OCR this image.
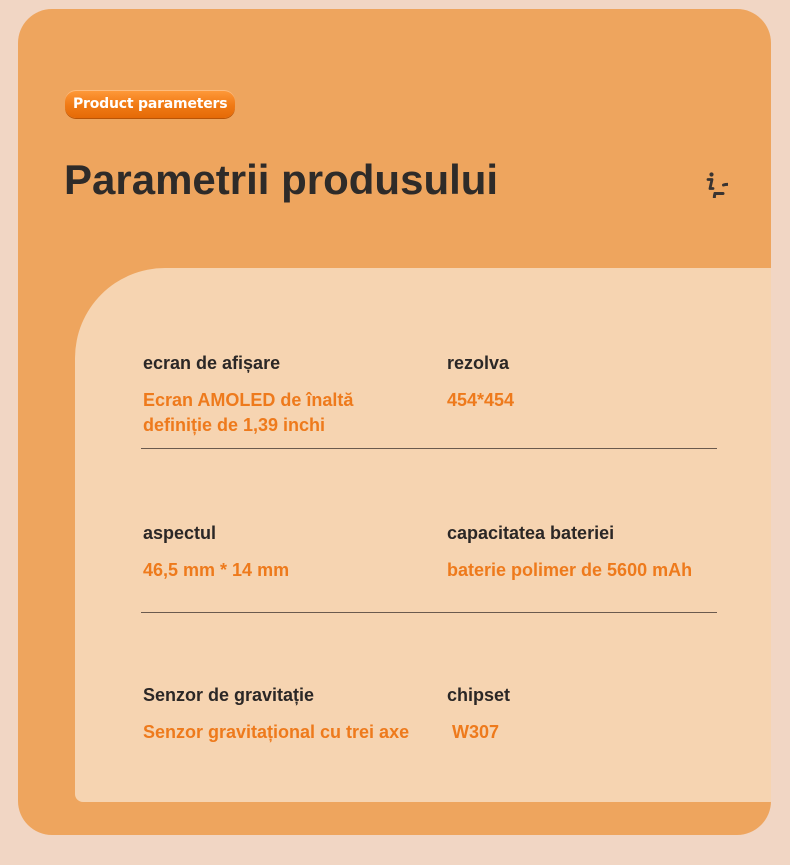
Product parameters
Parametrii produsului
ecran de afișare
Ecran AMOLED de înaltă definiție de 1,39 inchi
rezolva
454*454
aspectul
46,5 mm * 14 mm
capacitatea bateriei
baterie polimer de 5600 mAh
Senzor de gravitație
Senzor gravitațional cu trei axe
chipset
W307
